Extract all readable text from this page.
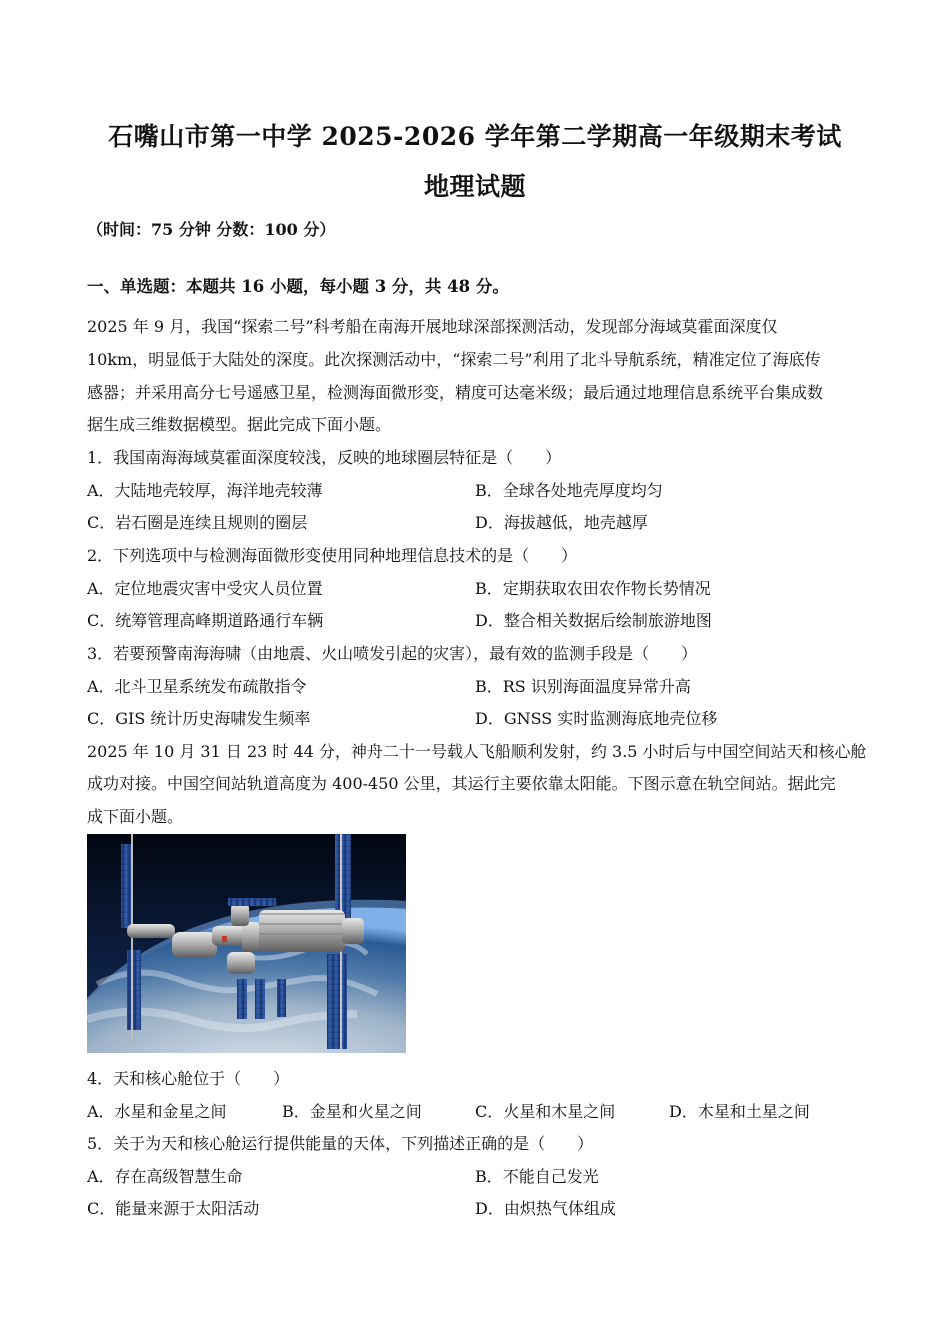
石嘴山市第一中学 2025-2026 学年第二学期高一年级期末考试
地理试题
（时间：75 分钟 分数：100 分）
一、单选题：本题共 16 小题，每小题 3 分，共 48 分。
2025 年 9 月，我国“探索二号”科考船在南海开展地球深部探测活动，发现部分海域莫霍面深度仅
10km，明显低于大陆处的深度。此次探测活动中，“探索二号”利用了北斗导航系统，精准定位了海底传
感器；并采用高分七号遥感卫星，检测海面微形变，精度可达毫米级；最后通过地理信息系统平台集成数
据生成三维数据模型。据此完成下面小题。
1．我国南海海域莫霍面深度较浅，反映的地球圈层特征是（　　）
A．大陆地壳较厚，海洋地壳较薄	B．全球各处地壳厚度均匀
C．岩石圈是连续且规则的圈层	D．海拔越低，地壳越厚
2．下列选项中与检测海面微形变使用同种地理信息技术的是（　　）
A．定位地震灾害中受灾人员位置	B．定期获取农田农作物长势情况
C．统筹管理高峰期道路通行车辆	D．整合相关数据后绘制旅游地图
3．若要预警南海海啸（由地震、火山喷发引起的灾害），最有效的监测手段是（　　）
A．北斗卫星系统发布疏散指令	B．RS 识别海面温度异常升高
C．GIS 统计历史海啸发生频率	D．GNSS 实时监测海底地壳位移
2025 年 10 月 31 日 23 时 44 分，神舟二十一号载人飞船顺利发射，约 3.5 小时后与中国空间站天和核心舱
成功对接。中国空间站轨道高度为 400-450 公里，其运行主要依靠太阳能。下图示意在轨空间站。据此完
成下面小题。
4．天和核心舱位于（　　）
A．水星和金星之间	B．金星和火星之间	C．火星和木星之间	D．木星和土星之间
5．关于为天和核心舱运行提供能量的天体，下列描述正确的是（　　）
A．存在高级智慧生命	B．不能自己发光
C．能量来源于太阳活动	D．由炽热气体组成
